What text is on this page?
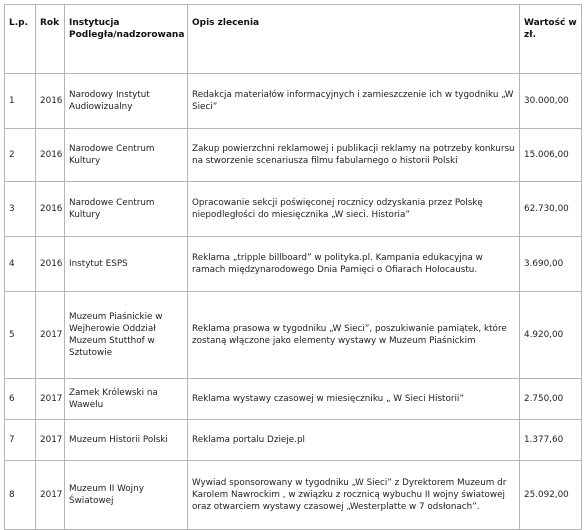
L.p.	Rok	Instytucja Podległa/nadzorowana	Opis zlecenia	Wartość w zł.
1	2016	Narodowy Instytut Audiowizualny	Redakcja materiałów informacyjnych i zamieszczenie ich w tygodniku „W Sieci”	30.000,00
2	2016	Narodowe Centrum Kultury	Zakup powierzchni reklamowej i publikacji reklamy na potrzeby konkursu na stworzenie scenariusza filmu fabularnego o historii Polski	15.006,00
3	2016	Narodowe Centrum Kultury	Opracowanie sekcji poświęconej rocznicy odzyskania przez Polskę niepodległości do miesięcznika „W sieci. Historia”	62.730,00
4	2016	Instytut ESPS	Reklama „tripple billboard” w polityka.pl. Kampania edukacyjna w ramach międzynarodowego Dnia Pamięci o Ofiarach Holocaustu.	3.690,00
5	2017	Muzeum Piaśnickie w Wejherowie Oddział Muzeum Stutthof w Sztutowie	Reklama prasowa w tygodniku „W Sieci”, poszukiwanie pamiątek, które zostaną włączone jako elementy wystawy w Muzeum Piaśnickim	4.920,00
6	2017	Zamek Królewski na Wawelu	Reklama wystawy czasowej w miesięczniku „ W Sieci Historii”	2.750,00
7	2017	Muzeum Historii Polski	Reklama portalu Dzieje.pl	1.377,60
8	2017	Muzeum II Wojny Światowej	Wywiad sponsorowany w tygodniku „W Sieci” z Dyrektorem Muzeum dr Karolem Nawrockim , w związku z rocznicą wybuchu II wojny światowej oraz otwarciem wystawy czasowej „Westerplatte w 7 odsłonach”.	25.092,00
